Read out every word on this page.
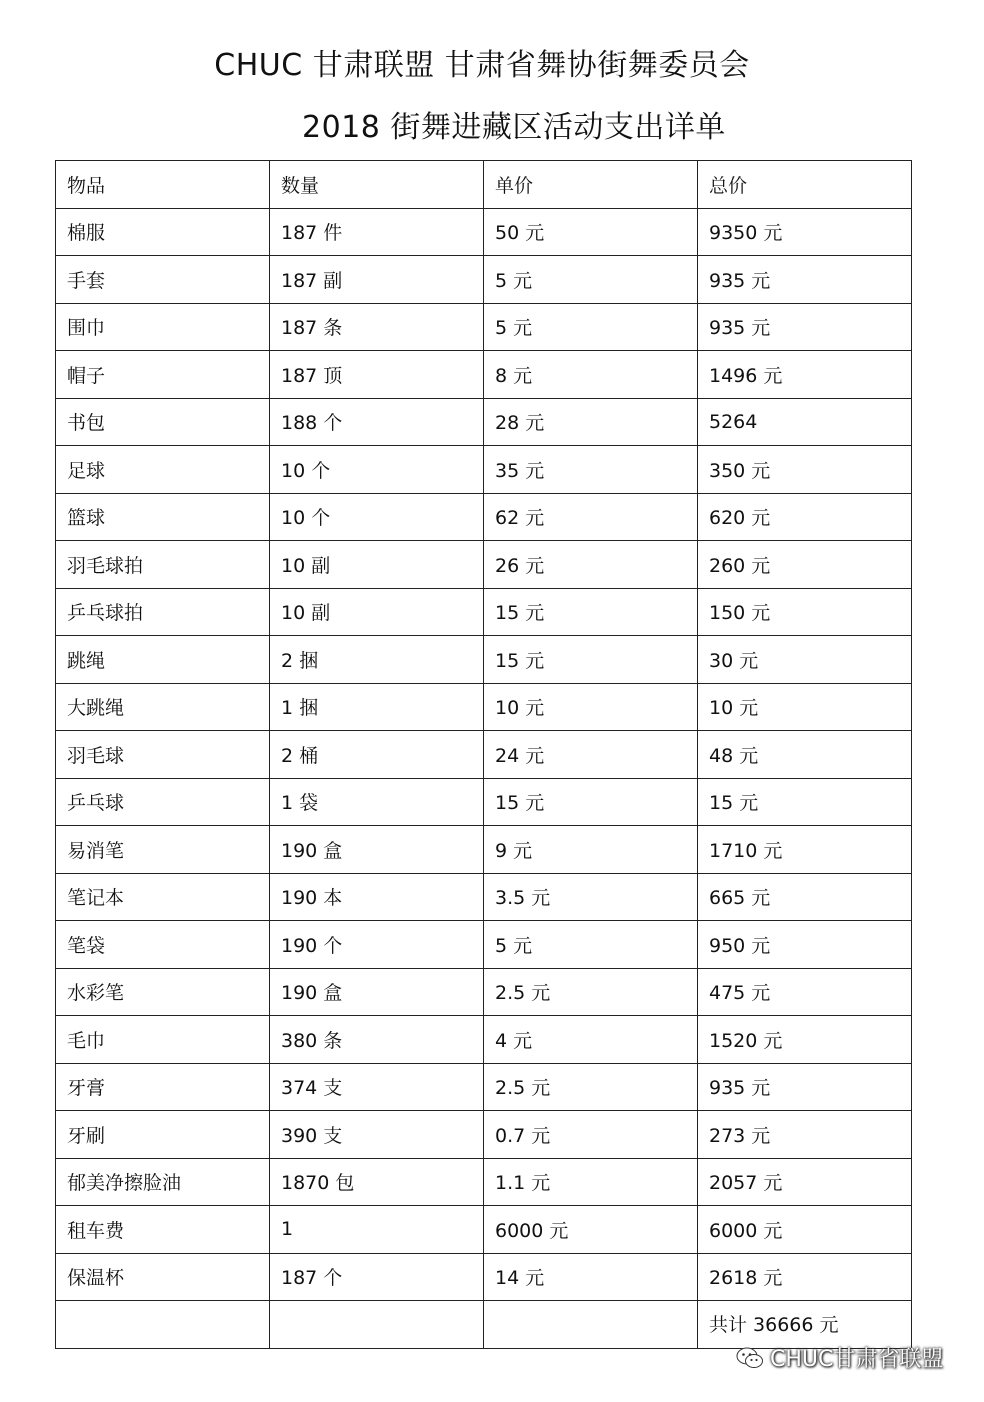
CHUC 甘肃联盟 甘肃省舞协街舞委员会
2018 街舞进藏区活动支出详单
物品	数量	单价	总价
棉服	187 件	50 元	9350 元
手套	187 副	5 元	935 元
围巾	187 条	5 元	935 元
帽子	187 顶	8 元	1496 元
书包	188 个	28 元	5264
足球	10 个	35 元	350 元
篮球	10 个	62 元	620 元
羽毛球拍	10 副	26 元	260 元
乒乓球拍	10 副	15 元	150 元
跳绳	2 捆	15 元	30 元
大跳绳	1 捆	10 元	10 元
羽毛球	2 桶	24 元	48 元
乒乓球	1 袋	15 元	15 元
易消笔	190 盒	9 元	1710 元
笔记本	190 本	3.5 元	665 元
笔袋	190 个	5 元	950 元
水彩笔	190 盒	2.5 元	475 元
毛巾	380 条	4 元	1520 元
牙膏	374 支	2.5 元	935 元
牙刷	390 支	0.7 元	273 元
郁美净擦脸油	1870 包	1.1 元	2057 元
租车费	1	6000 元	6000 元
保温杯	187 个	14 元	2618 元

			共计 36666 元
CHUC甘肃省联盟
